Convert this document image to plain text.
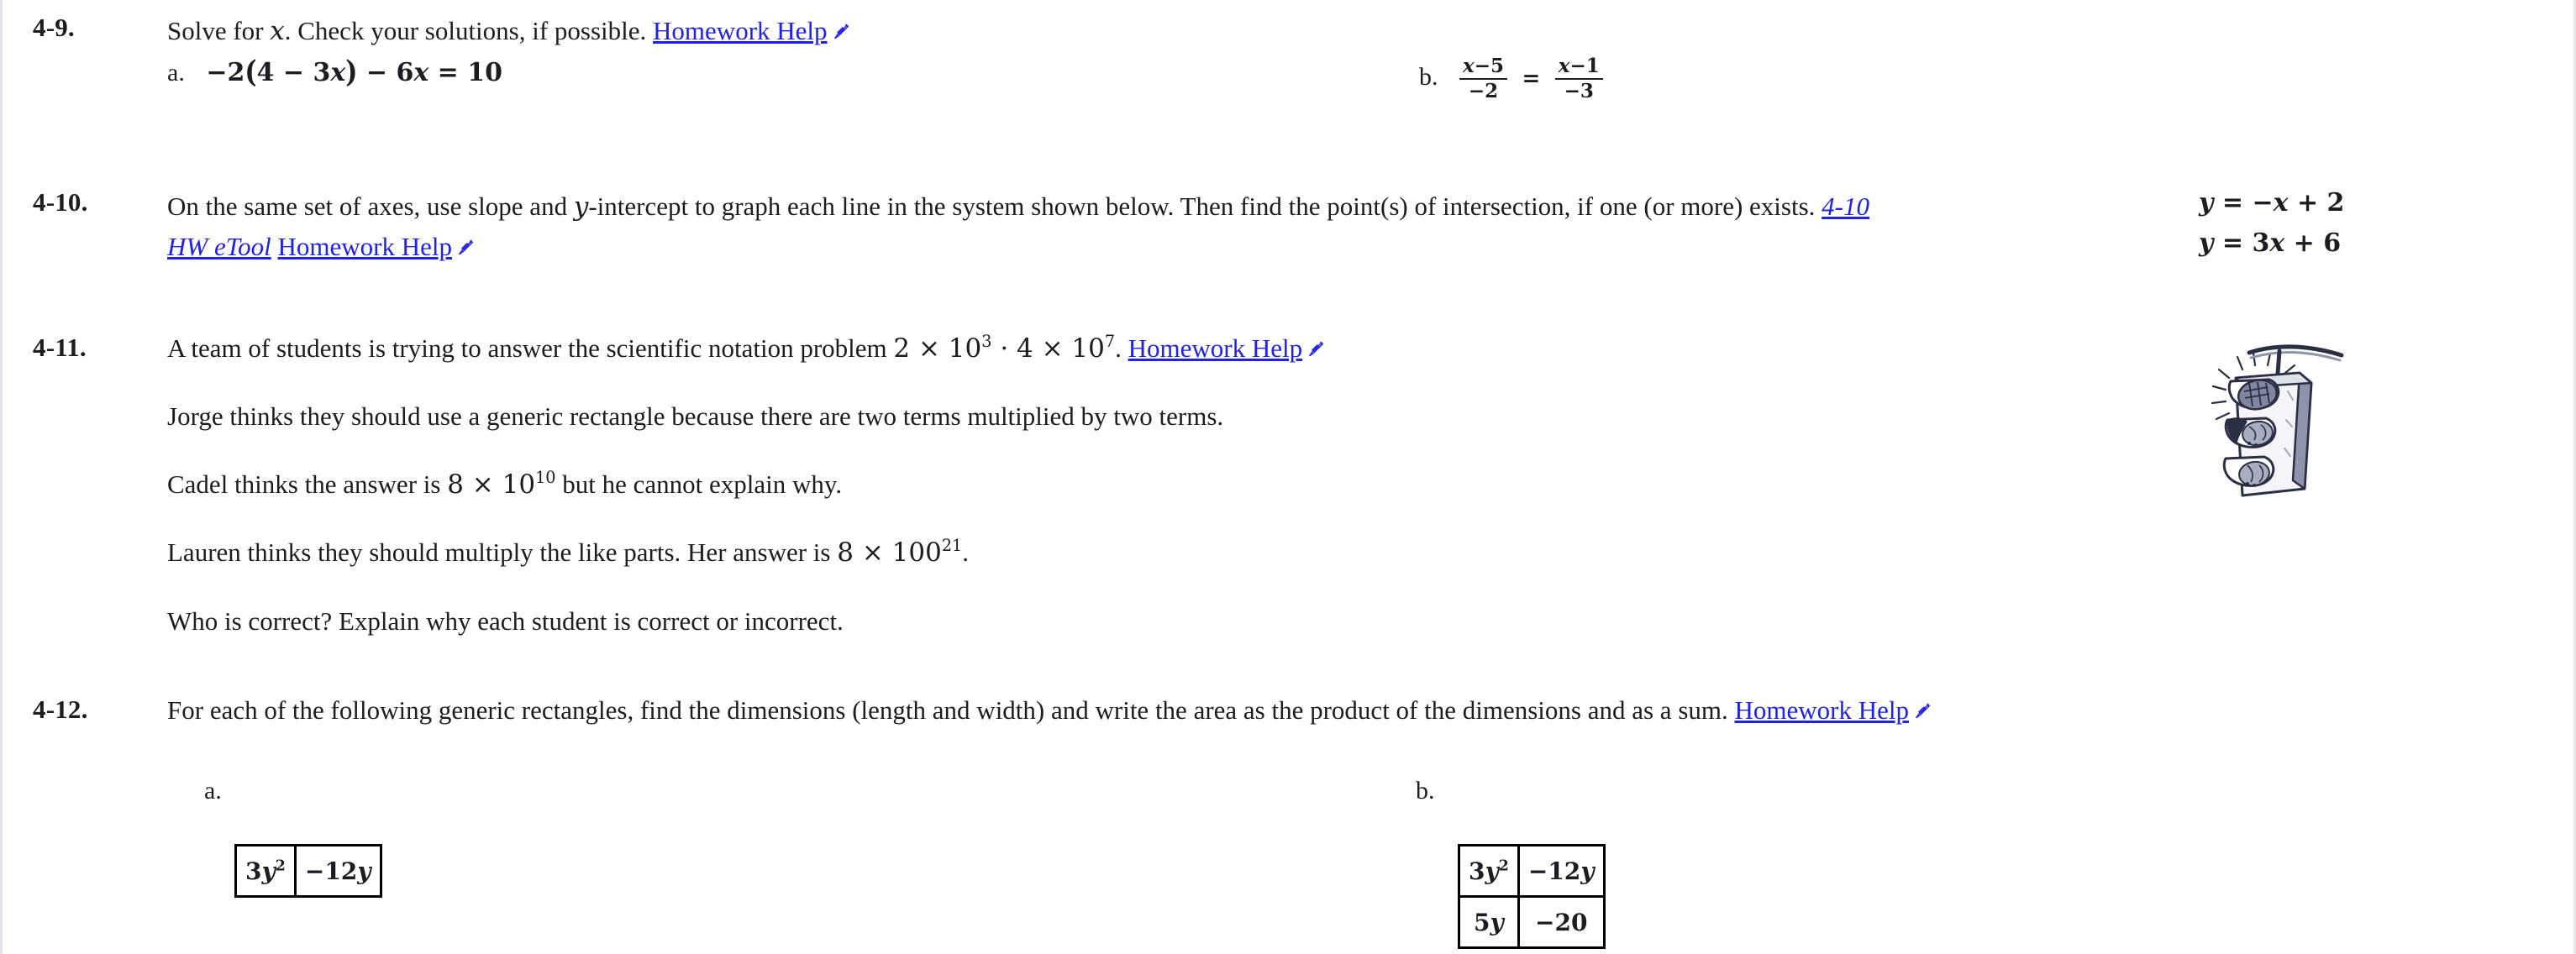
4-9.	Solve for x. Check your solutions, if possible. Homework Help
a. −2(4 − 3x) − 6x = 10	b. $\frac{x-5}{-2} = \frac{x-1}{-3}$
4-10.	On the same set of axes, use slope and y-intercept to graph each line in the system shown below. Then find the point(s) of intersection, if one (or more) exists. 4-10
HW eTool Homework Help
y = −x + 2
y = 3x + 6
4-11.	A team of students is trying to answer the scientific notation problem $2 \times 10^3 \cdot 4 \times 10^7$. Homework Help
Jorge thinks they should use a generic rectangle because there are two terms multiplied by two terms.
Cadel thinks the answer is $8 \times 10^{10}$ but he cannot explain why.
Lauren thinks they should multiply the like parts. Her answer is $8 \times 100^{21}$.
Who is correct? Explain why each student is correct or incorrect.
4-12.	For each of the following generic rectangles, find the dimensions (length and width) and write the area as the product of the dimensions and as a sum. Homework Help
a.
$3y^2$	−12y
b.
$3y^2$	−12y
5y	−20
